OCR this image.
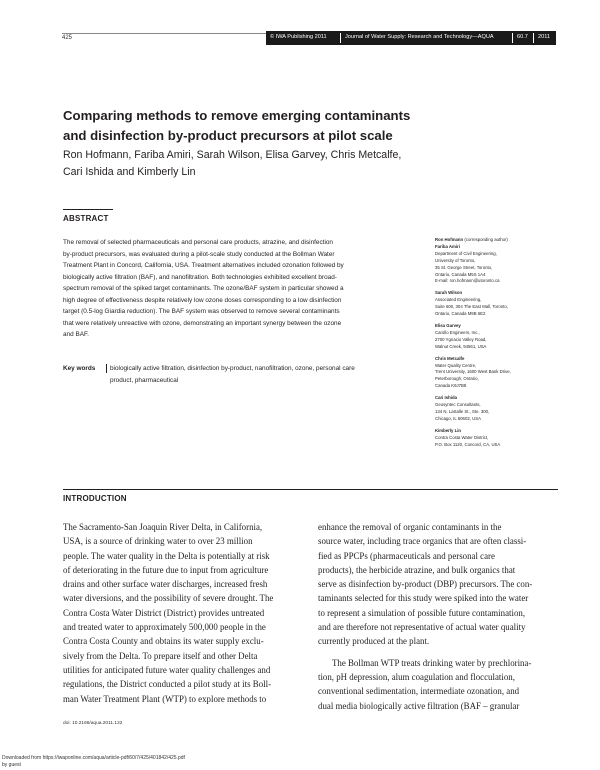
425	© IWA Publishing 2011	Journal of Water Supply: Research and Technology—AQUA	60.7 2011
Comparing methods to remove emerging contaminants
and disinfection by-product precursors at pilot scale
Ron Hofmann, Fariba Amiri, Sarah Wilson, Elisa Garvey, Chris Metcalfe,
Cari Ishida and Kimberly Lin
ABSTRACT

The removal of selected pharmaceuticals and personal care products, atrazine, and disinfection

by-product precursors, was evaluated during a pilot-scale study conducted at the Bollman Water

Treatment Plant in Concord, California, USA. Treatment alternatives included ozonation followed by

biologically active filtration (BAF), and nanofiltration. Both technologies exhibited excellent broad-

spectrum removal of the spiked target contaminants. The ozone/BAF system in particular showed a

high degree of effectiveness despite relatively low ozone doses corresponding to a low disinfection

target (0.5-log Giardia reduction). The BAF system was observed to remove several contaminants

that were relatively unreactive with ozone, demonstrating an important synergy between the ozone

and BAF.

Key words biologically active filtration, disinfection by-product, nanofiltration, ozone, personal care
product, pharmaceutical
Ron Hofmann (corresponding author)
Fariba Amiri
Department of Civil Engineering,
University of Toronto,
35 St. George Street, Toronto,
Ontario, Canada M5S 1A4
E-mail: ron.hofmann@utoronto.ca
Sarah Wilson
Associated Engineering,
Suite 600, 304 The East Mall, Toronto,
Ontario, Canada M9B 6E2
Elisa Garvey
Carollo Engineers, Inc.,
2700 Ygnacio Valley Road,
Walnut Creek, 94561, USA
Chris Metcalfe
Water Quality Centre,
Trent University, 1600 West Bank Drive,
Peterborough, Ontario,
Canada K9J7B8
Cari Ishida
Geosyntec Consultants,
134 N. LaSalle St., Ste. 300,
Chicago, IL 60602, USA
Kimberly Lin
Contra Costa Water District,
P.O. Box 1120, Concord, CA, USA
INTRODUCTION

The Sacramento-San Joaquin River Delta, in California,

USA, is a source of drinking water to over 23 million

people. The water quality in the Delta is potentially at risk

of deteriorating in the future due to input from agriculture

drains and other surface water discharges, increased fresh

water diversions, and the possibility of severe drought. The

Contra Costa Water District (District) provides untreated

and treated water to approximately 500,000 people in the

Contra Costa County and obtains its water supply exclu-

sively from the Delta. To prepare itself and other Delta

utilities for anticipated future water quality challenges and

regulations, the District conducted a pilot study at its Boll-

man Water Treatment Plant (WTP) to explore methods to

enhance the removal of organic contaminants in the

source water, including trace organics that are often classi-

fied as PPCPs (pharmaceuticals and personal care

products), the herbicide atrazine, and bulk organics that

serve as disinfection by-product (DBP) precursors. The con-

taminants selected for this study were spiked into the water

to represent a simulation of possible future contamination,

and are therefore not representative of actual water quality

currently produced at the plant.

The Bollman WTP treats drinking water by prechlorina-

tion, pH depression, alum coagulation and flocculation,

conventional sedimentation, intermediate ozonation, and

dual media biologically active filtration (BAF – granular

doi: 10.2166/aqua.2011.132
Downloaded from https://iwaponline.com/aqua/article-pdf/60/7/425/401842/425.pdf
by guest
